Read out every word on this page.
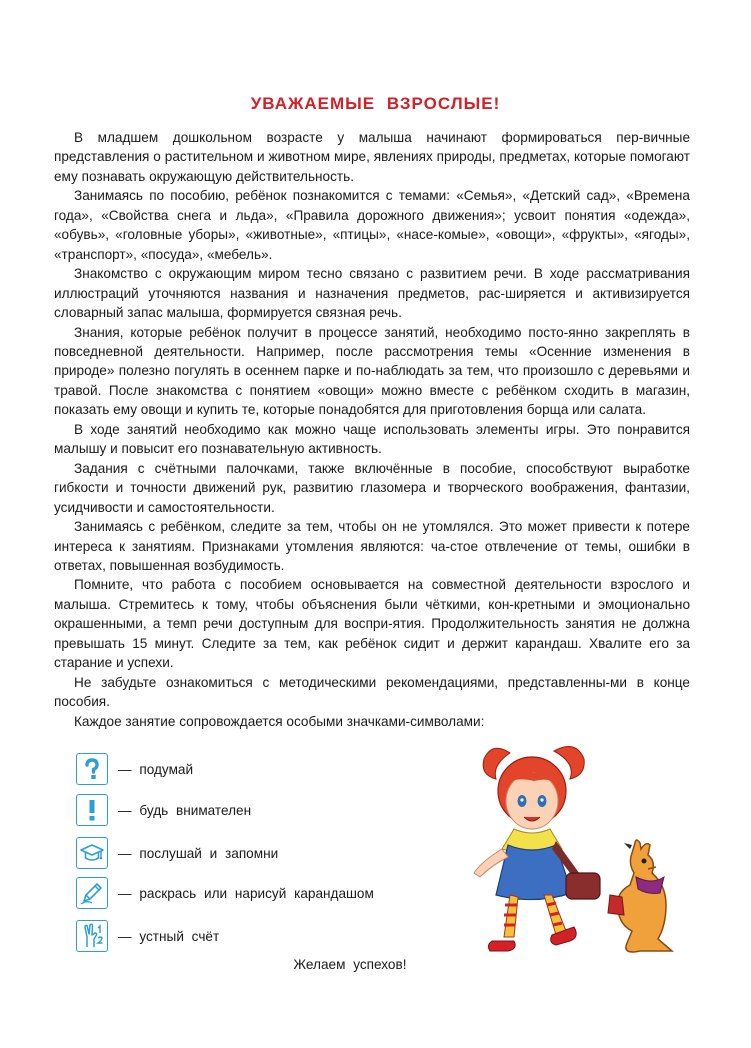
УВАЖАЕМЫЕ ВЗРОСЛЫЕ!

В младшем дошкольном возрасте у малыша начинают формироваться пер-вичные представления о растительном и животном мире, явлениях природы, предметах, которые помогают ему познавать окружающую действительность.

Занимаясь по пособию, ребёнок познакомится с темами: «Семья», «Детский сад», «Времена года», «Свойства снега и льда», «Правила дорожного движения»; усвоит понятия «одежда», «обувь», «головные уборы», «животные», «птицы», «насе-комые», «овощи», «фрукты», «ягоды», «транспорт», «посуда», «мебель».

Знакомство с окружающим миром тесно связано с развитием речи. В ходе рассматривания иллюстраций уточняются названия и назначения предметов, рас-ширяется и активизируется словарный запас малыша, формируется связная речь.

Знания, которые ребёнок получит в процессе занятий, необходимо посто-янно закреплять в повседневной деятельности. Например, после рассмотрения темы «Осенние изменения в природе» полезно погулять в осеннем парке и по-наблюдать за тем, что произошло с деревьями и травой. После знакомства с понятием «овощи» можно вместе с ребёнком сходить в магазин, показать ему овощи и купить те, которые понадобятся для приготовления борща или салата.

В ходе занятий необходимо как можно чаще использовать элементы игры. Это понравится малышу и повысит его познавательную активность.

Задания с счётными палочками, также включённые в пособие, способствуют выработке гибкости и точности движений рук, развитию глазомера и творческого воображения, фантазии, усидчивости и самостоятельности.

Занимаясь с ребёнком, следите за тем, чтобы он не утомлялся. Это может привести к потере интереса к занятиям. Признаками утомления являются: ча-стое отвлечение от темы, ошибки в ответах, повышенная возбудимость.

Помните, что работа с пособием основывается на совместной деятельности взрослого и малыша. Стремитесь к тому, чтобы объяснения были чёткими, кон-кретными и эмоционально окрашенными, а темп речи доступным для воспри-ятия. Продолжительность занятия не должна превышать 15 минут. Следите за тем, как ребёнок сидит и держит карандаш. Хвалите его за старание и успехи.

Не забудьте ознакомиться с методическими рекомендациями, представленны-ми в конце пособия.

Каждое занятие сопровождается особыми значками-символами:

— подумай
— будь внимателен
— послушай и запомни
— раскрась или нарисуй карандашом
— устный счёт
Желаем успехов!
